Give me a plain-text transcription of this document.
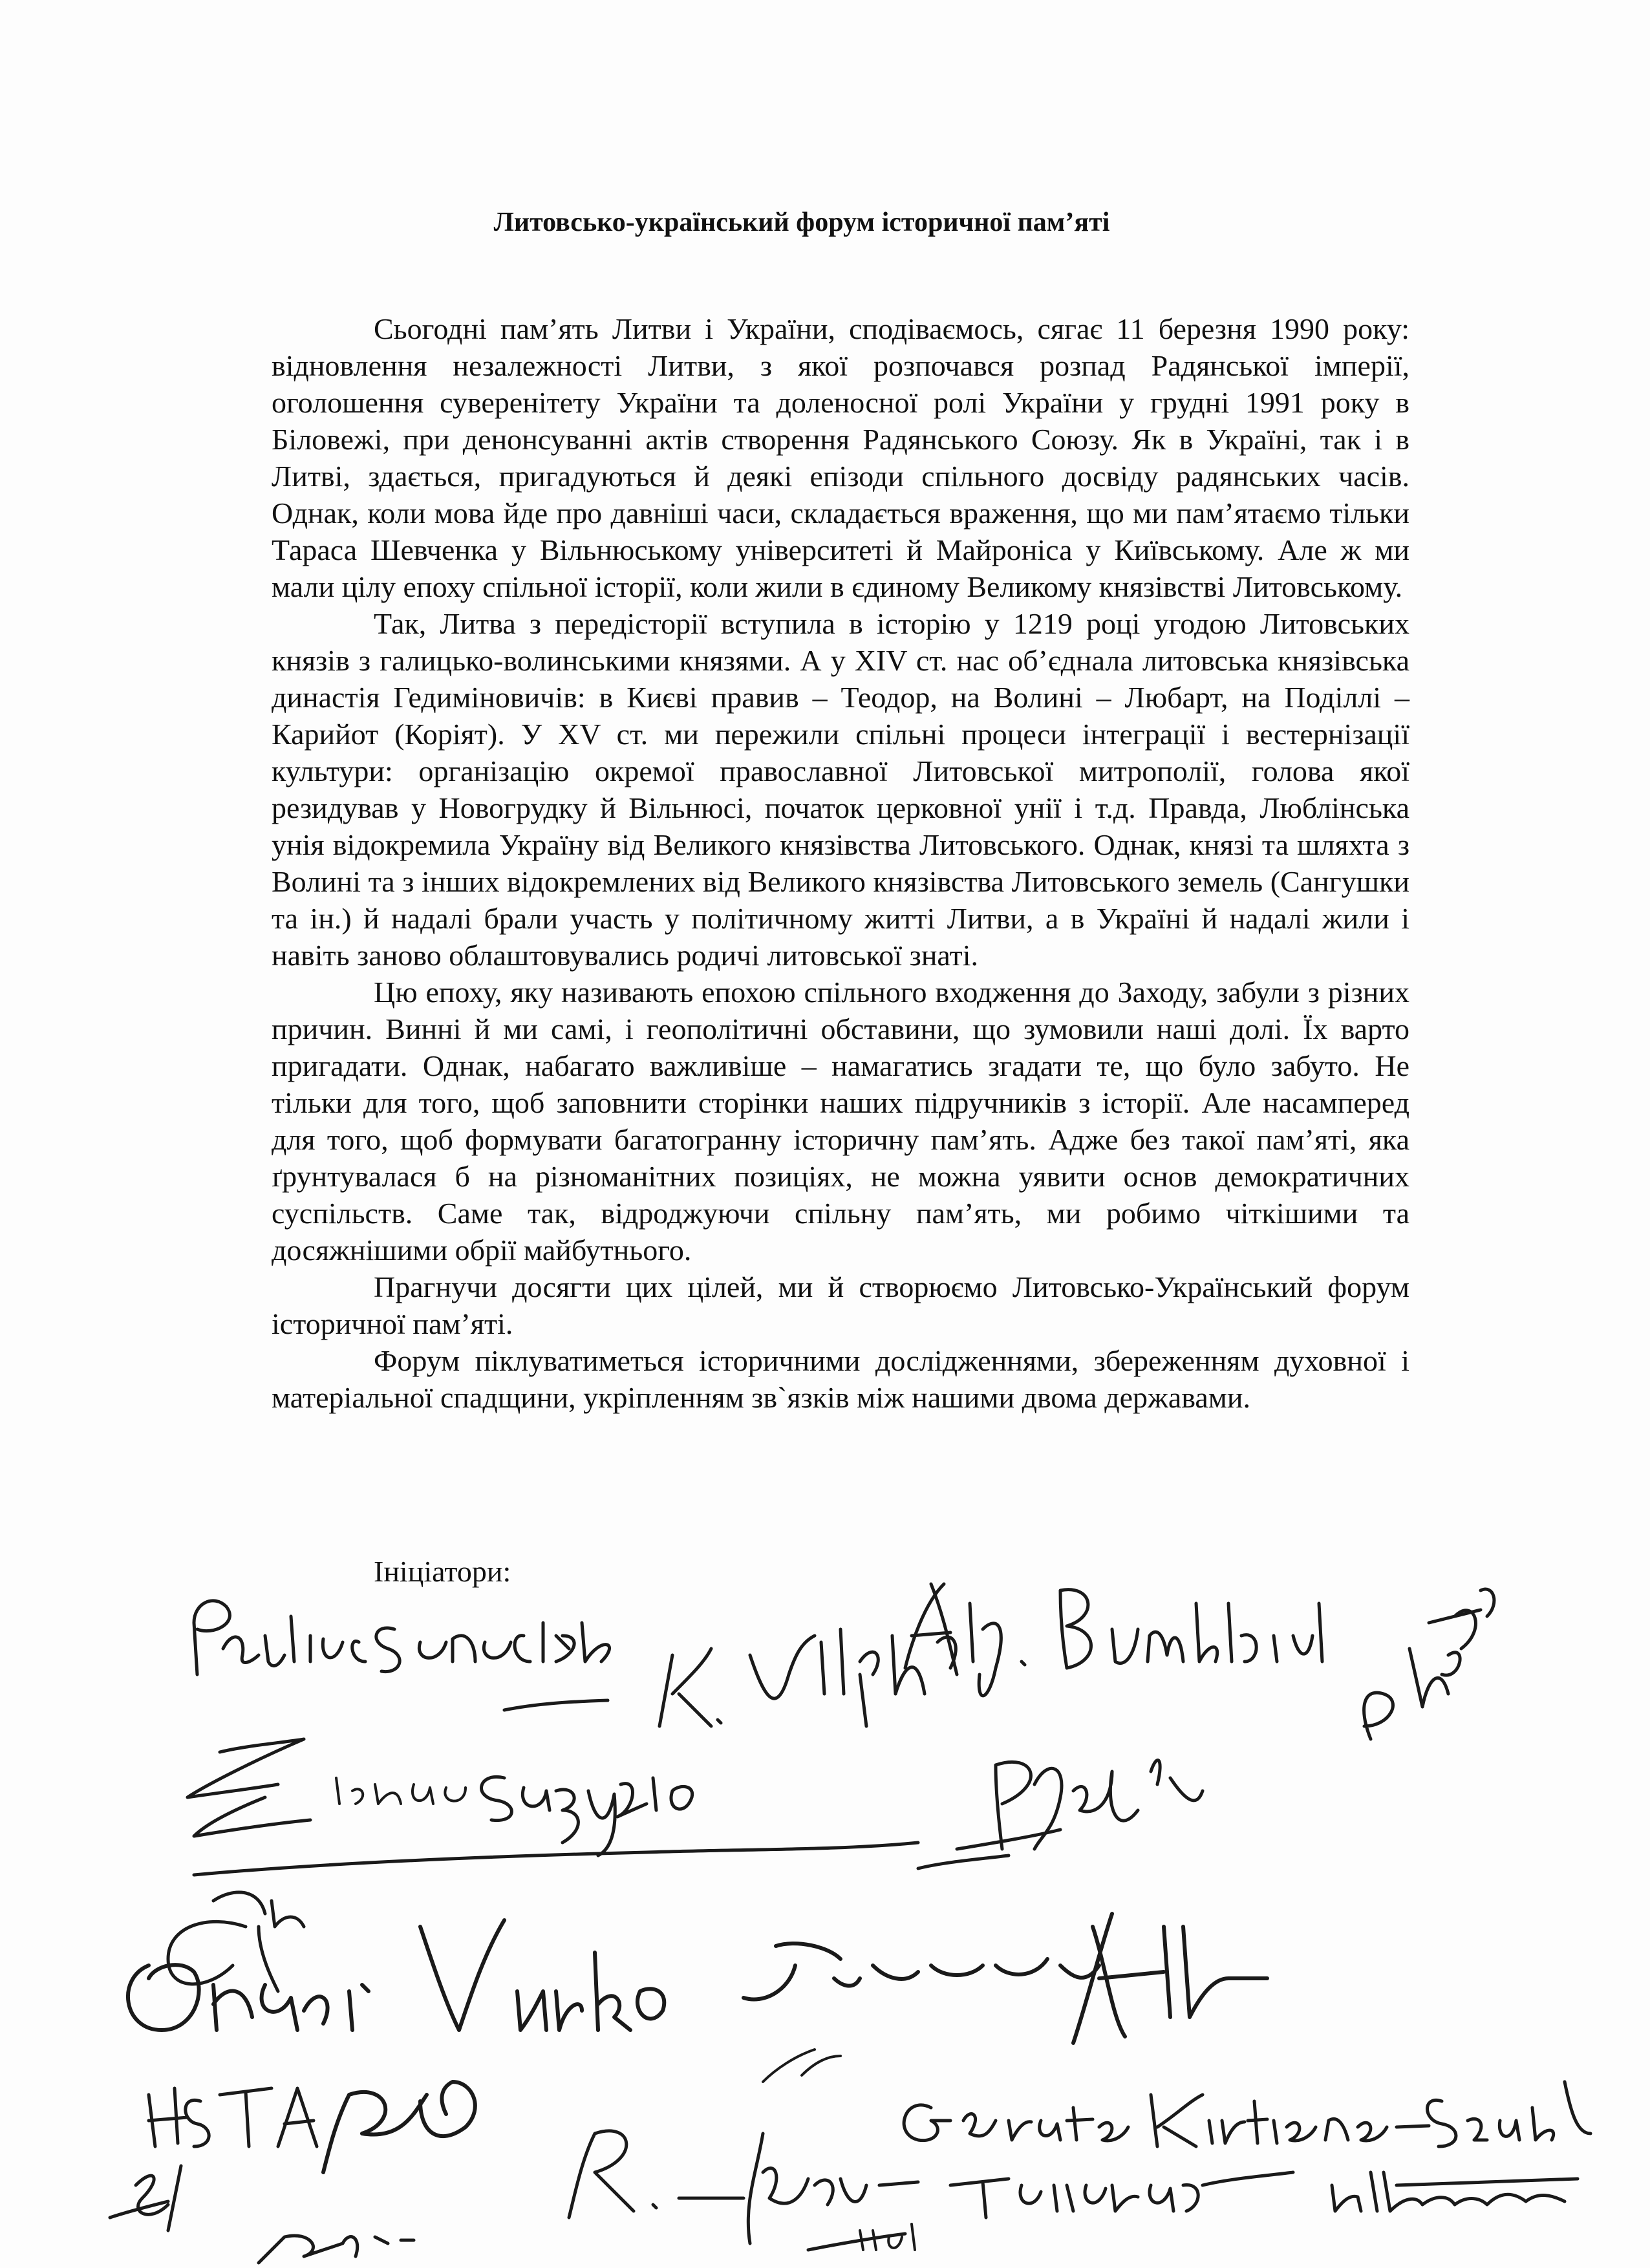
Литовсько-український форум історичної пам’яті

Сьогодні пам’ять Литви і України, сподіваємось, сягає 11 березня 1990 року: відновлення незалежності Литви, з якої розпочався розпад Радянської імперії, оголошення суверенітету України та доленосної ролі України у грудні 1991 року в Біловежі, при денонсуванні актів створення Радянського Союзу. Як в Україні, так і в Литві, здається, пригадуються й деякі епізоди спільного досвіду радянських часів. Однак, коли мова йде про давніші часи, складається враження, що ми пам’ятаємо тільки Тараса Шевченка у Вільнюському університеті й Майроніса у Київському. Але ж ми мали цілу епоху спільної історії, коли жили в єдиному Великому князівстві Литовському.

Так, Литва з передісторії вступила в історію у 1219 році угодою Литовських князів з галицько-волинськими князями. А у XIV ст. нас об’єднала литовська князівська династія Гедиміновичів: в Києві правив – Теодор, на Волині – Любарт, на Поділлі – Карийот (Коріят). У XV ст. ми пережили спільні процеси інтеграції і вестернізації культури: організацію окремої православної Литовської митрополії, голова якої резидував у Новогрудку й Вільнюсі, початок церковної унії і т.д. Правда, Люблінська унія відокремила Україну від Великого князівства Литовського. Однак, князі та шляхта з Волині та з інших відокремлених від Великого князівства Литовського земель (Сангушки та ін.) й надалі брали участь у політичному житті Литви, а в Україні й надалі жили і навіть заново облаштовувались родичі литовської знаті.

Цю епоху, яку називають епохою спільного входження до Заходу, забули з різних причин. Винні й ми самі, і геополітичні обставини, що зумовили наші долі. Їх варто пригадати. Однак, набагато важливіше – намагатись згадати те, що було забуто. Не тільки для того, щоб заповнити сторінки наших підручників з історії. Але насамперед для того, щоб формувати багатогранну історичну пам’ять. Адже без такої пам’яті, яка ґрунтувалася б на різноманітних позиціях, не можна уявити основ демократичних суспільств. Саме так, відроджуючи спільну пам’ять, ми робимо чіткішими та досяжнішими обрії майбутнього.

Прагнучи досягти цих цілей, ми й створюємо Литовсько-Український форум історичної пам’яті.

Форум піклуватиметься історичними дослідженнями, збереженням духовної і матеріальної спадщини, укріпленням зв`язків між нашими двома державами.

Ініціатори:
